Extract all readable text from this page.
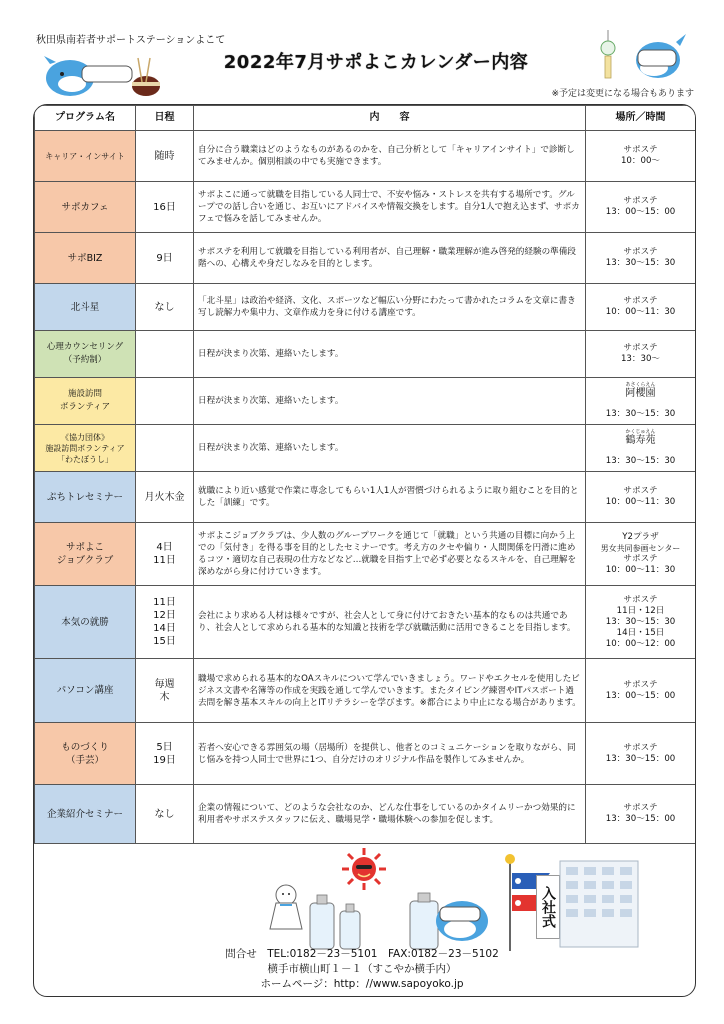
秋田県南若者サポートステーションよこて
2022年7月サポよこカレンダー内容
※予定は変更になる場合もあります
プログラム名	日程	内　　容	場所／時間
キャリア・インサイト	随時	自分に合う職業はどのようなものがあるのかを、自己分析として「キャリアインサイト」で診断してみませんか。個別相談の中でも実施できます。	サポステ
10：00～

サポカフェ	16日	サポよこに通って就職を目指している人同士で、不安や悩み・ストレスを共有する場所です。グループでの話し合いを通じ、お互いにアドバイスや情報交換をします。自分1人で抱え込まず、サポカフェで悩みを話してみませんか。	サポステ
13：00～15：00

サポBIZ	9日	サポステを利用して就職を目指している利用者が、自己理解・職業理解が進み啓発的経験の準備段階への、心構えや身だしなみを目的とします。	サポステ
13：30～15：30

北斗星	なし	「北斗星」は政治や経済、文化、スポーツなど幅広い分野にわたって書かれたコラムを文章に書き写し読解力や集中力、文章作成力を身に付ける講座です。	サポステ
10：00～11：30

心理カウンセリング
（予約制）		日程が決まり次第、連絡いたします。	サポステ
13：30～

施設訪問
ボランティア		日程が決まり次第、連絡いたします。	あさくらえん
阿櫻園
13：30～15：30

《協力団体》
施設訪問ボランティア
「わたぼうし」		日程が決まり次第、連絡いたします。	かくじゅえん
鶴寿苑
13：30～15：30

ぷちトレセミナー	月火木金	就職により近い感覚で作業に専念してもらい1人1人が習慣づけられるように取り組むことを目的とした「訓練」です。	サポステ
10：00～11：30

サポよこ
ジョブクラブ	4日
11日	サポよこジョブクラブは、少人数のグループワークを通じて「就職」という共通の目標に向かう上での「気付き」を得る事を目的としたセミナーです。考え方のクセや偏り・人間関係を円滑に進めるコツ・適切な自己表現の仕方などなど…就職を目指す上で必ず必要となるスキルを、自己理解を深めながら身に付けていきます。	Y2プラザ
男女共同参画センター
サポステ
10：00～11：30

本気の就勝	11日
12日
14日
15日	会社により求める人材は様々ですが、社会人として身に付けておきたい基本的なものは共通であり、社会人として求められる基本的な知識と技術を学び就職活動に活用できることを目指します。	サポステ
11日・12日
13：30～15：30
14日・15日
10：00～12：00

パソコン講座	毎週
木	職場で求められる基本的なOAスキルについて学んでいきましょう。ワードやエクセルを使用したビジネス文書や名簿等の作成を実践を通して学んでいきます。またタイピング練習やITパスポート過去問を解き基本スキルの向上とITリテラシーを学びます。※都合により中止になる場合があります。	サポステ
13：00～15：00

ものづくり
（手芸）	5日
19日	若者へ安心できる雰囲気の場（居場所）を提供し、他者とのコミュニケーションを取りながら、同じ悩みを持つ人同士で世界に1つ、自分だけのオリジナル作品を製作してみませんか。	サポステ
13：30～15：00

企業紹介セミナー	なし	企業の情報について、どのような会社なのか、どんな仕事をしているのかタイムリーかつ効果的に利用者やサポステスタッフに伝え、職場見学・職場体験への参加を促します。	サポステ
13：30～15：00
入社式
問合せ　TEL:0182－23－5101　FAX:0182－23－5102
横手市横山町１－１（すこやか横手内）
ホームページ：http：//www.sapoyoko.jp
